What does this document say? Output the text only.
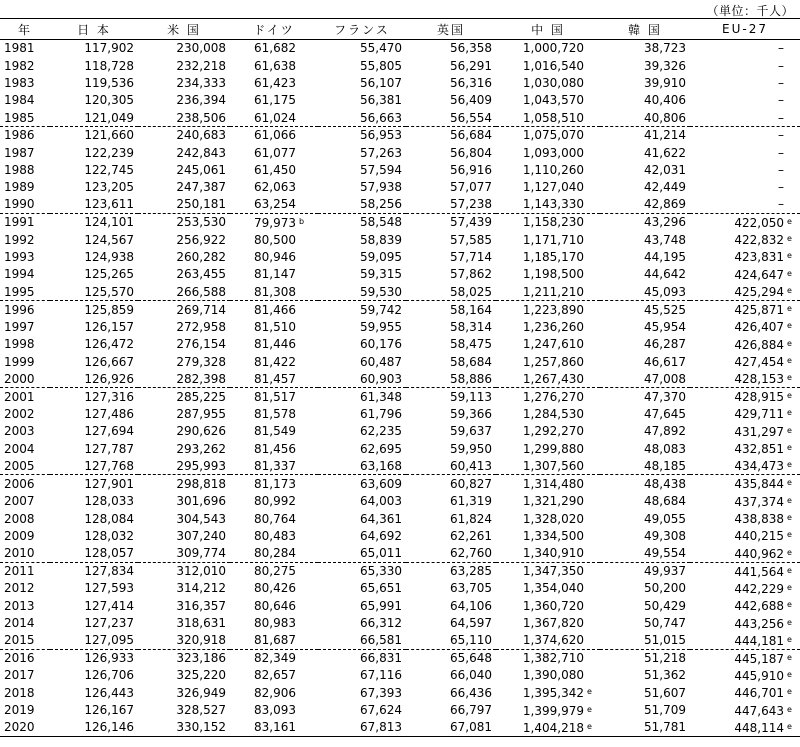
（単位：千人）
年	日 本	米 国	ドイツ	フランス	英国	中 国	韓 国	EU-27
1981	117,902	230,008	61,682	55,470	56,358	1,000,720	38,723	–
1982	118,728	232,218	61,638	55,805	56,291	1,016,540	39,326	–
1983	119,536	234,333	61,423	56,107	56,316	1,030,080	39,910	–
1984	120,305	236,394	61,175	56,381	56,409	1,043,570	40,406	–
1985	121,049	238,506	61,024	56,663	56,554	1,058,510	40,806	–
1986	121,660	240,683	61,066	56,953	56,684	1,075,070	41,214	–
1987	122,239	242,843	61,077	57,263	56,804	1,093,000	41,622	–
1988	122,745	245,061	61,450	57,594	56,916	1,110,260	42,031	–
1989	123,205	247,387	62,063	57,938	57,077	1,127,040	42,449	–
1990	123,611	250,181	63,254	58,256	57,238	1,143,330	42,869	–
1991	124,101	253,530	79,973 b	58,548	57,439	1,158,230	43,296	422,050 e
1992	124,567	256,922	80,500	58,839	57,585	1,171,710	43,748	422,832 e
1993	124,938	260,282	80,946	59,095	57,714	1,185,170	44,195	423,831 e
1994	125,265	263,455	81,147	59,315	57,862	1,198,500	44,642	424,647 e
1995	125,570	266,588	81,308	59,530	58,025	1,211,210	45,093	425,294 e
1996	125,859	269,714	81,466	59,742	58,164	1,223,890	45,525	425,871 e
1997	126,157	272,958	81,510	59,955	58,314	1,236,260	45,954	426,407 e
1998	126,472	276,154	81,446	60,176	58,475	1,247,610	46,287	426,884 e
1999	126,667	279,328	81,422	60,487	58,684	1,257,860	46,617	427,454 e
2000	126,926	282,398	81,457	60,903	58,886	1,267,430	47,008	428,153 e
2001	127,316	285,225	81,517	61,348	59,113	1,276,270	47,370	428,915 e
2002	127,486	287,955	81,578	61,796	59,366	1,284,530	47,645	429,711 e
2003	127,694	290,626	81,549	62,235	59,637	1,292,270	47,892	431,297 e
2004	127,787	293,262	81,456	62,695	59,950	1,299,880	48,083	432,851 e
2005	127,768	295,993	81,337	63,168	60,413	1,307,560	48,185	434,473 e
2006	127,901	298,818	81,173	63,609	60,827	1,314,480	48,438	435,844 e
2007	128,033	301,696	80,992	64,003	61,319	1,321,290	48,684	437,374 e
2008	128,084	304,543	80,764	64,361	61,824	1,328,020	49,055	438,838 e
2009	128,032	307,240	80,483	64,692	62,261	1,334,500	49,308	440,215 e
2010	128,057	309,774	80,284	65,011	62,760	1,340,910	49,554	440,962 e
2011	127,834	312,010	80,275	65,330	63,285	1,347,350	49,937	441,564 e
2012	127,593	314,212	80,426	65,651	63,705	1,354,040	50,200	442,229 e
2013	127,414	316,357	80,646	65,991	64,106	1,360,720	50,429	442,688 e
2014	127,237	318,631	80,983	66,312	64,597	1,367,820	50,747	443,256 e
2015	127,095	320,918	81,687	66,581	65,110	1,374,620	51,015	444,181 e
2016	126,933	323,186	82,349	66,831	65,648	1,382,710	51,218	445,187 e
2017	126,706	325,220	82,657	67,116	66,040	1,390,080	51,362	445,910 e
2018	126,443	326,949	82,906	67,393	66,436	1,395,342 e	51,607	446,701 e
2019	126,167	328,527	83,093	67,624	66,797	1,399,979 e	51,709	447,643 e
2020	126,146	330,152	83,161	67,813	67,081	1,404,218 e	51,781	448,114 e
